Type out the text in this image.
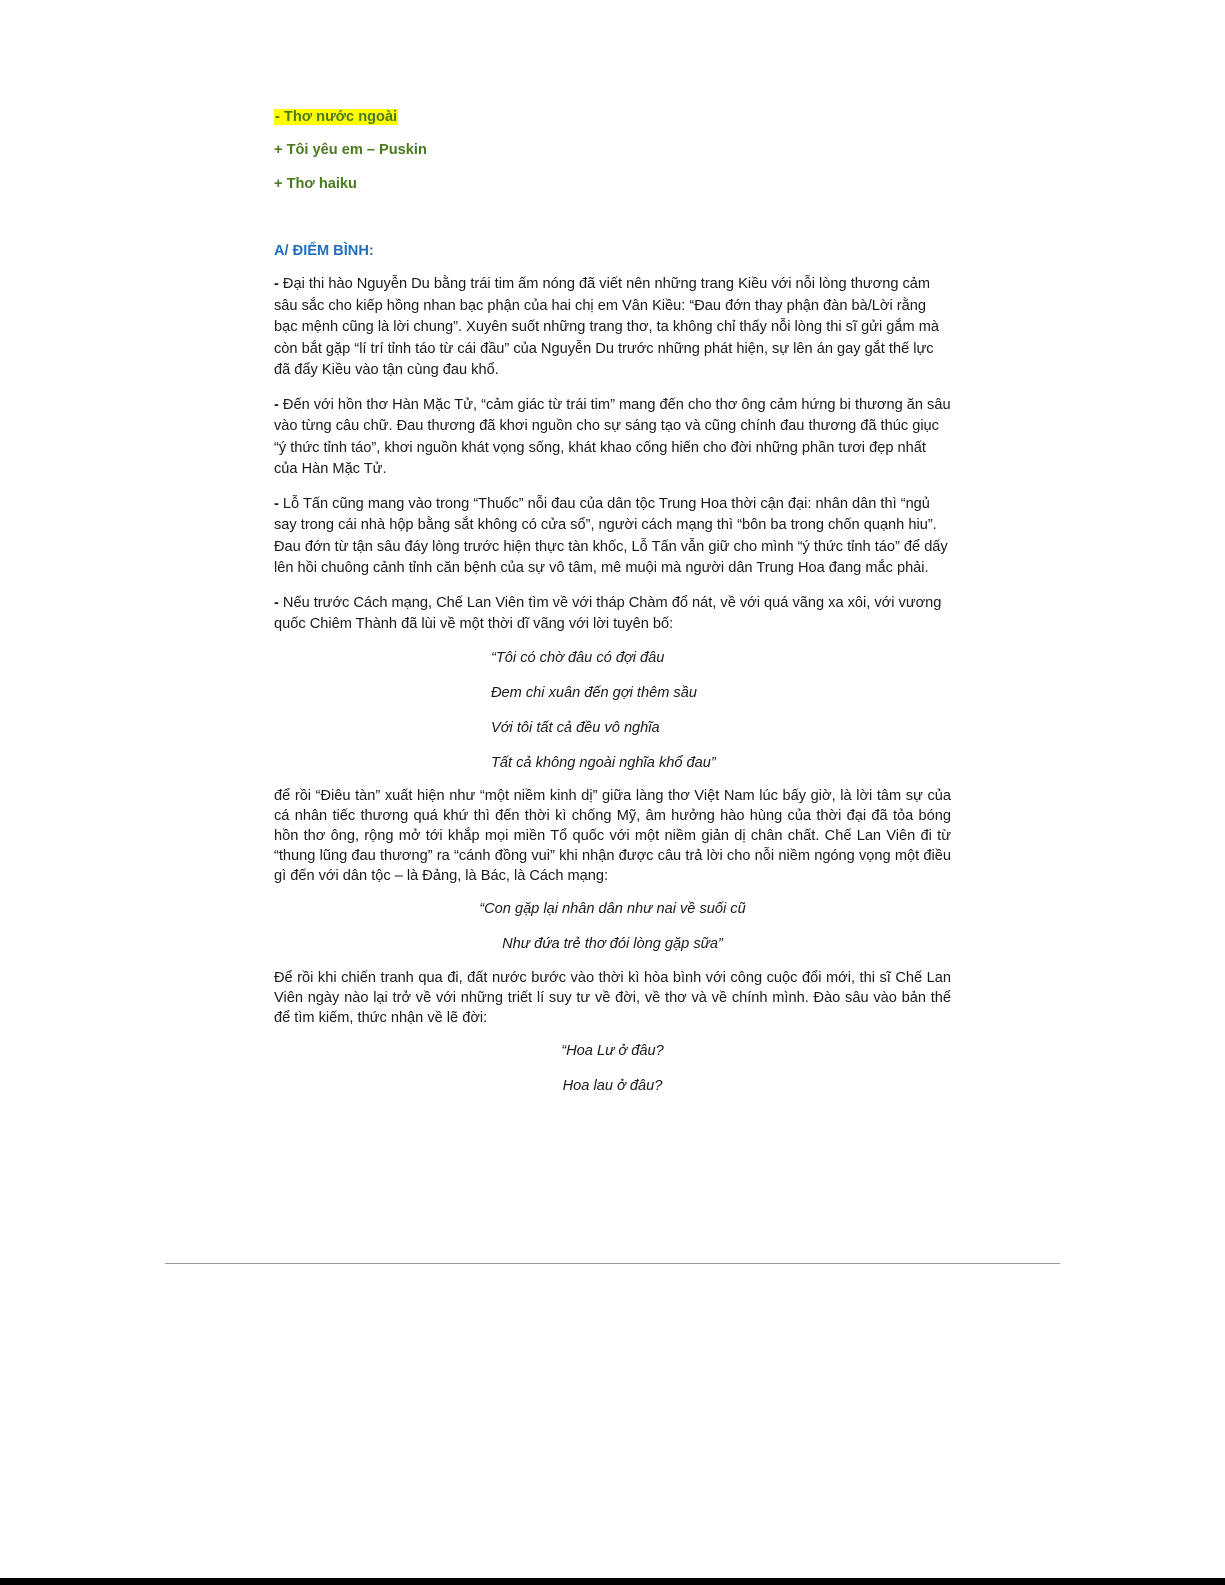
- Thơ nước ngoài
+ Tôi yêu em – Puskin
+ Thơ haiku
A/ ĐIỂM BÌNH:

- Đại thi hào Nguyễn Du bằng trái tim ấm nóng đã viết nên những trang Kiều với nỗi lòng thương cảm sâu sắc cho kiếp hồng nhan bạc phận của hai chị em Vân Kiều: “Đau đớn thay phận đàn bà/Lời rằng bạc mệnh cũng là lời chung”. Xuyên suốt những trang thơ, ta không chỉ thấy nỗi lòng thi sĩ gửi gắm mà còn bắt gặp “lí trí tỉnh táo từ cái đầu” của Nguyễn Du trước những phát hiện, sự lên án gay gắt thế lực đã đẩy Kiều vào tận cùng đau khổ.

- Đến với hồn thơ Hàn Mặc Tử, “cảm giác từ trái tim” mang đến cho thơ ông cảm hứng bi thương ăn sâu vào từng câu chữ. Đau thương đã khơi nguồn cho sự sáng tạo và cũng chính đau thương đã thúc giục “ý thức tỉnh táo”, khơi nguồn khát vọng sống, khát khao cống hiến cho đời những phần tươi đẹp nhất của Hàn Mặc Tử.

- Lỗ Tấn cũng mang vào trong “Thuốc” nỗi đau của dân tộc Trung Hoa thời cận đại: nhân dân thì “ngủ say trong cái nhà hộp bằng sắt không có cửa sổ”, người cách mạng thì “bôn ba trong chốn quạnh hiu”. Đau đớn từ tận sâu đáy lòng trước hiện thực tàn khốc, Lỗ Tấn vẫn giữ cho mình “ý thức tỉnh táo” để dấy lên hồi chuông cảnh tỉnh căn bệnh của sự vô tâm, mê muội mà người dân Trung Hoa đang mắc phải.

- Nếu trước Cách mạng, Chế Lan Viên tìm về với tháp Chàm đổ nát, về với quá vãng xa xôi, với vương quốc Chiêm Thành đã lùi về một thời dĩ vãng với lời tuyên bố:

“Tôi có chờ đâu có đợi đâu

Đem chi xuân đến gợi thêm sầu

Với tôi tất cả đều vô nghĩa

Tất cả không ngoài nghĩa khổ đau”

để rồi “Điêu tàn” xuất hiện như “một niềm kinh dị” giữa làng thơ Việt Nam lúc bấy giờ, là lời tâm sự của cá nhân tiếc thương quá khứ thì đến thời kì chống Mỹ, âm hưởng hào hùng của thời đại đã tỏa bóng hồn thơ ông, rộng mở tới khắp mọi miền Tổ quốc với một niềm giản dị chân chất. Chế Lan Viên đi từ “thung lũng đau thương” ra “cánh đồng vui” khi nhận được câu trả lời cho nỗi niềm ngóng vọng một điều gì đến với dân tộc – là Đảng, là Bác, là Cách mạng:

“Con gặp lại nhân dân như nai về suối cũ

Như đứa trẻ thơ đói lòng gặp sữa”

Để rồi khi chiến tranh qua đi, đất nước bước vào thời kì hòa bình với công cuộc đổi mới, thi sĩ Chế Lan Viên ngày nào lại trở về với những triết lí suy tư về đời, về thơ và về chính mình. Đào sâu vào bản thể để tìm kiếm, thức nhận về lẽ đời:

“Hoa Lư ở đâu?

Hoa lau ở đâu?
